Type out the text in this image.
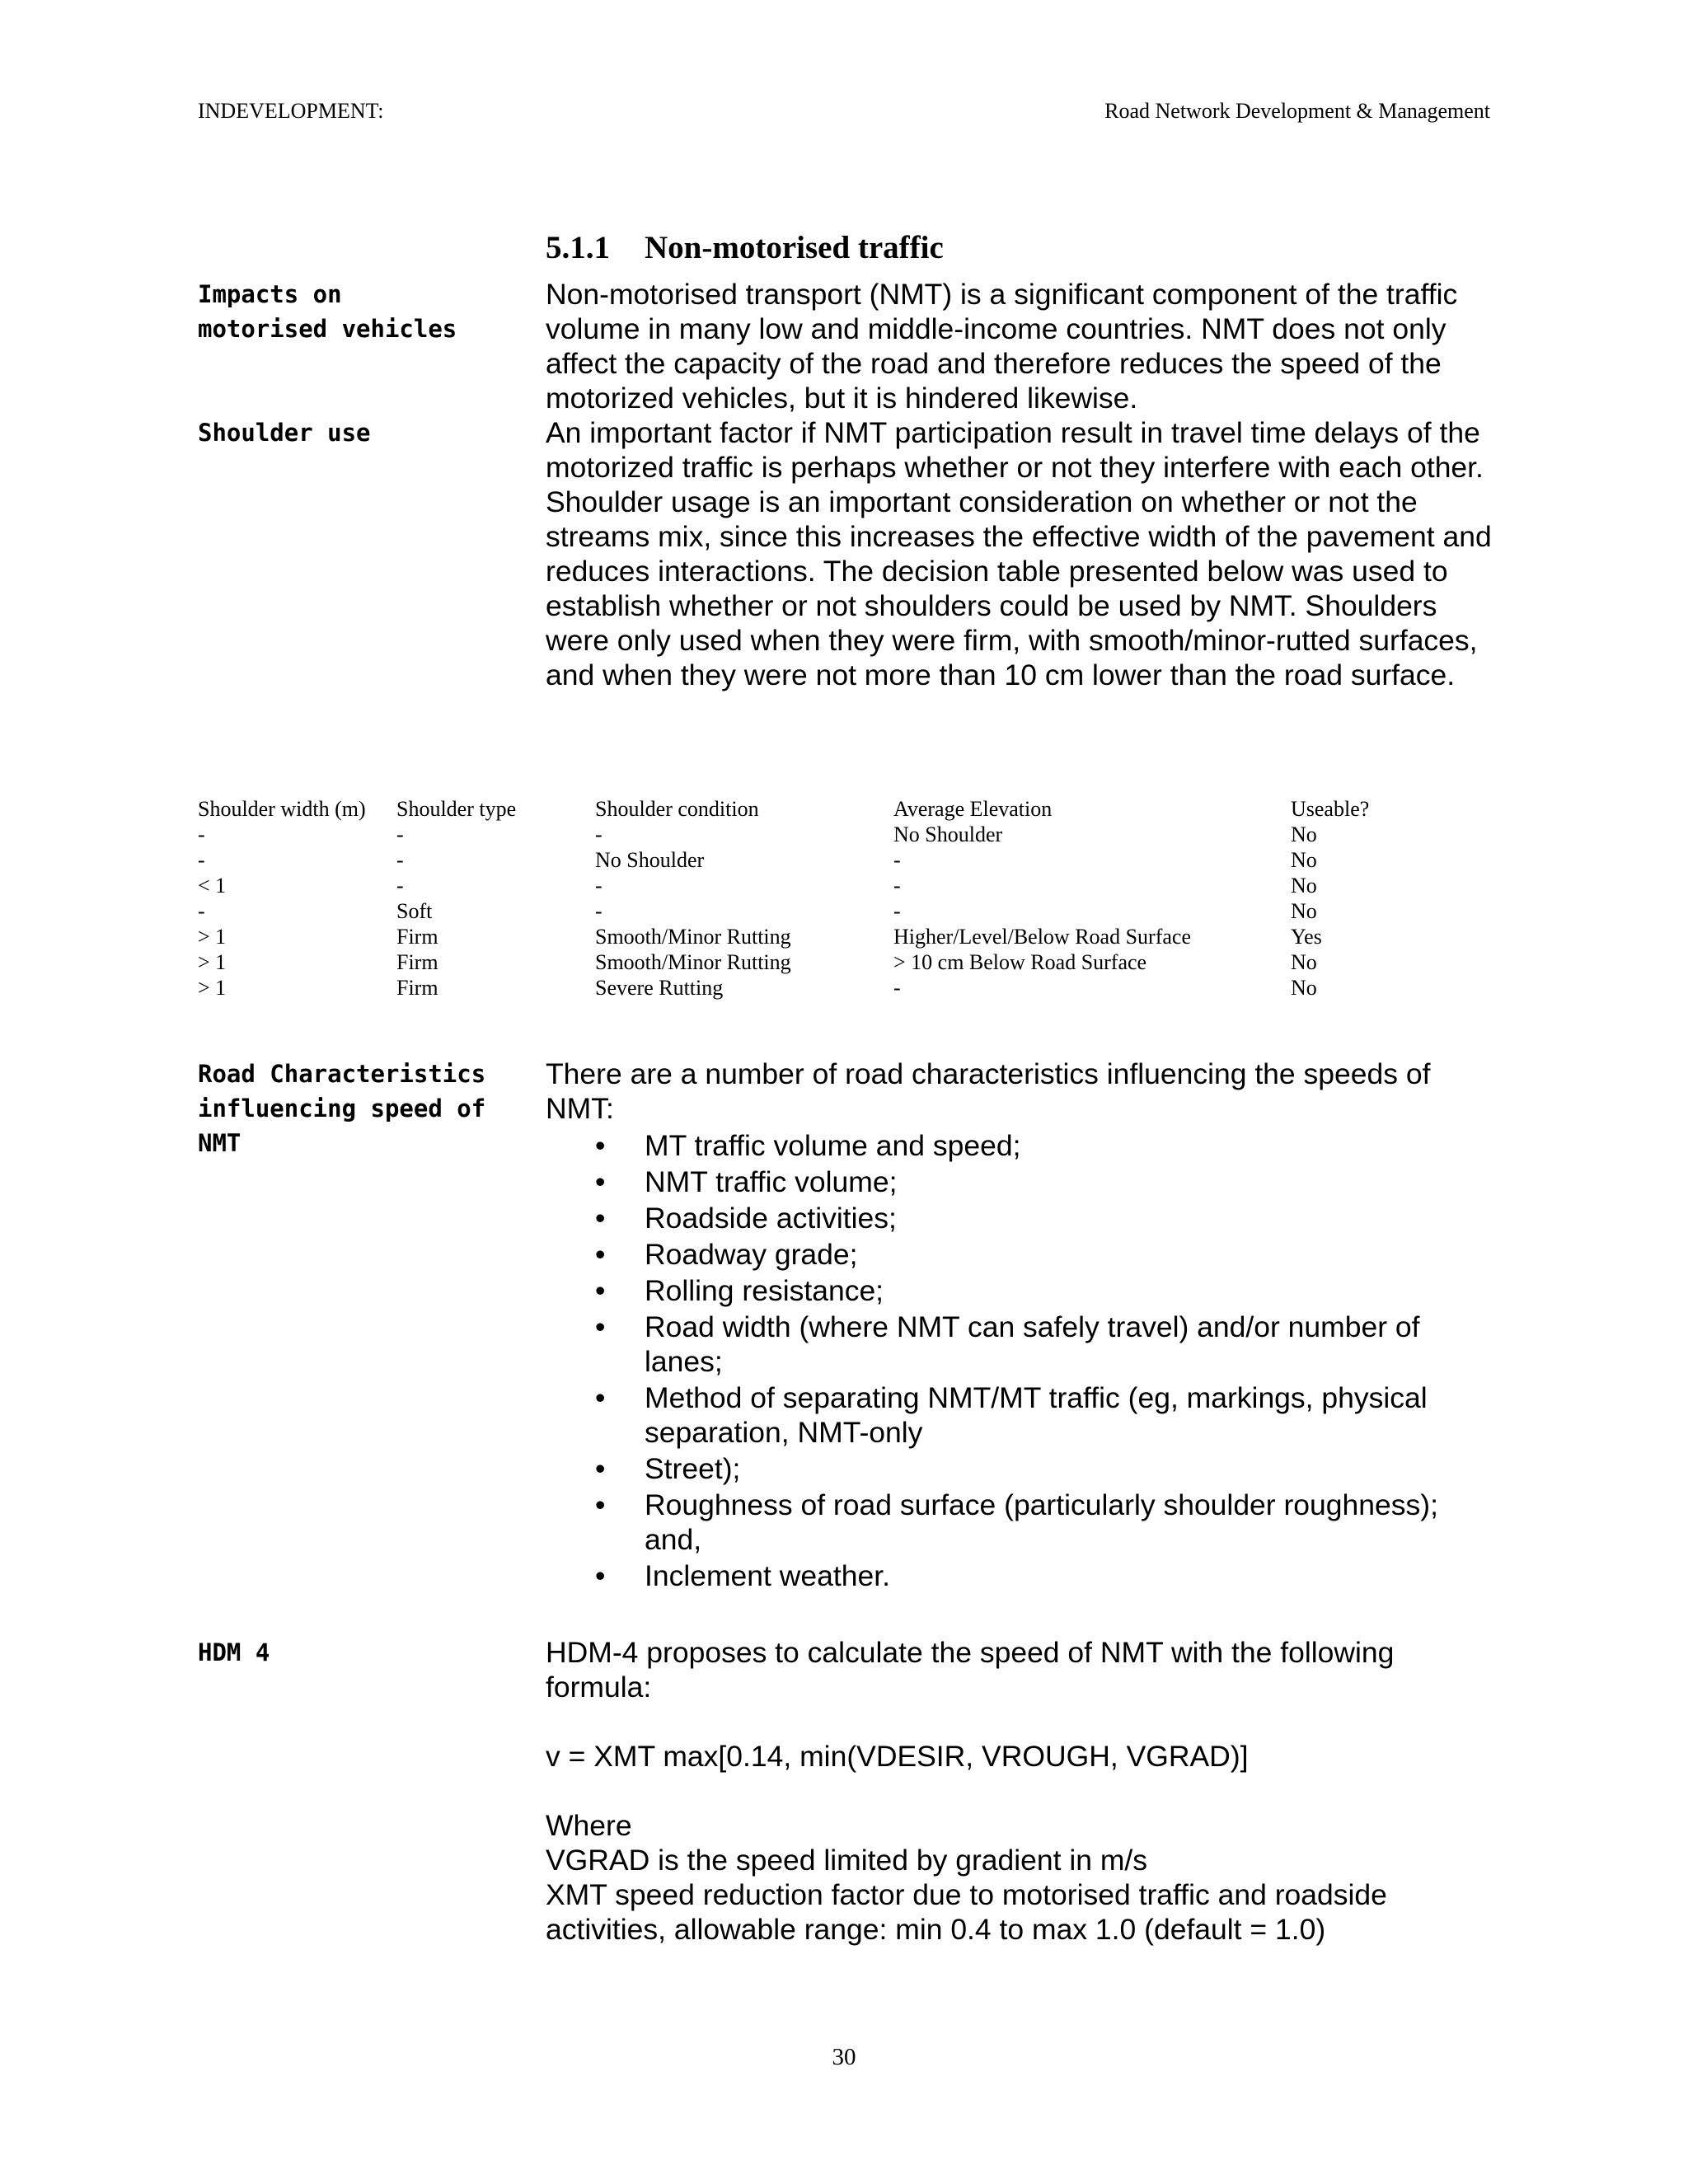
INDEVELOPMENT:	Road Network Development & Management
5.1.1 Non-motorised traffic
Impacts on motorised vehicles
Non-motorised transport (NMT) is a significant component of the traffic volume in many low and middle-income countries. NMT does not only affect the capacity of the road and therefore reduces the speed of the motorized vehicles, but it is hindered likewise.
Shoulder use	An important factor if NMT participation result in travel time delays of the motorized traffic is perhaps whether or not they interfere with each other. Shoulder usage is an important consideration on whether or not the streams mix, since this increases the effective width of the pavement and reduces interactions. The decision table presented below was used to establish whether or not shoulders could be used by NMT. Shoulders were only used when they were firm, with smooth/minor-rutted surfaces, and when they were not more than 10 cm lower than the road surface.
Shoulder width (m)	Shoulder type	Shoulder condition	Average Elevation	Useable?
-	-	-	No Shoulder	No
-	-	No Shoulder	-	No
< 1	-	-	-	No
-	Soft	-	-	No
> 1	Firm	Smooth/Minor Rutting	Higher/Level/Below Road Surface	Yes
> 1	Firm	Smooth/Minor Rutting	> 10 cm Below Road Surface	No
> 1	Firm	Severe Rutting	-	No
Road Characteristics influencing speed of NMT
There are a number of road characteristics influencing the speeds of NMT:
• MT traffic volume and speed;
• NMT traffic volume;
• Roadside activities;
• Roadway grade;
• Rolling resistance;
• Road width (where NMT can safely travel) and/or number of lanes;
• Method of separating NMT/MT traffic (eg, markings, physical separation, NMT-only
• Street);
• Roughness of road surface (particularly shoulder roughness); and,
• Inclement weather.
HDM 4	HDM-4 proposes to calculate the speed of NMT with the following formula:
v = XMT max[0.14, min(VDESIR, VROUGH, VGRAD)]
Where
VGRAD is the speed limited by gradient in m/s
XMT speed reduction factor due to motorised traffic and roadside activities, allowable range: min 0.4 to max 1.0 (default = 1.0)
30
